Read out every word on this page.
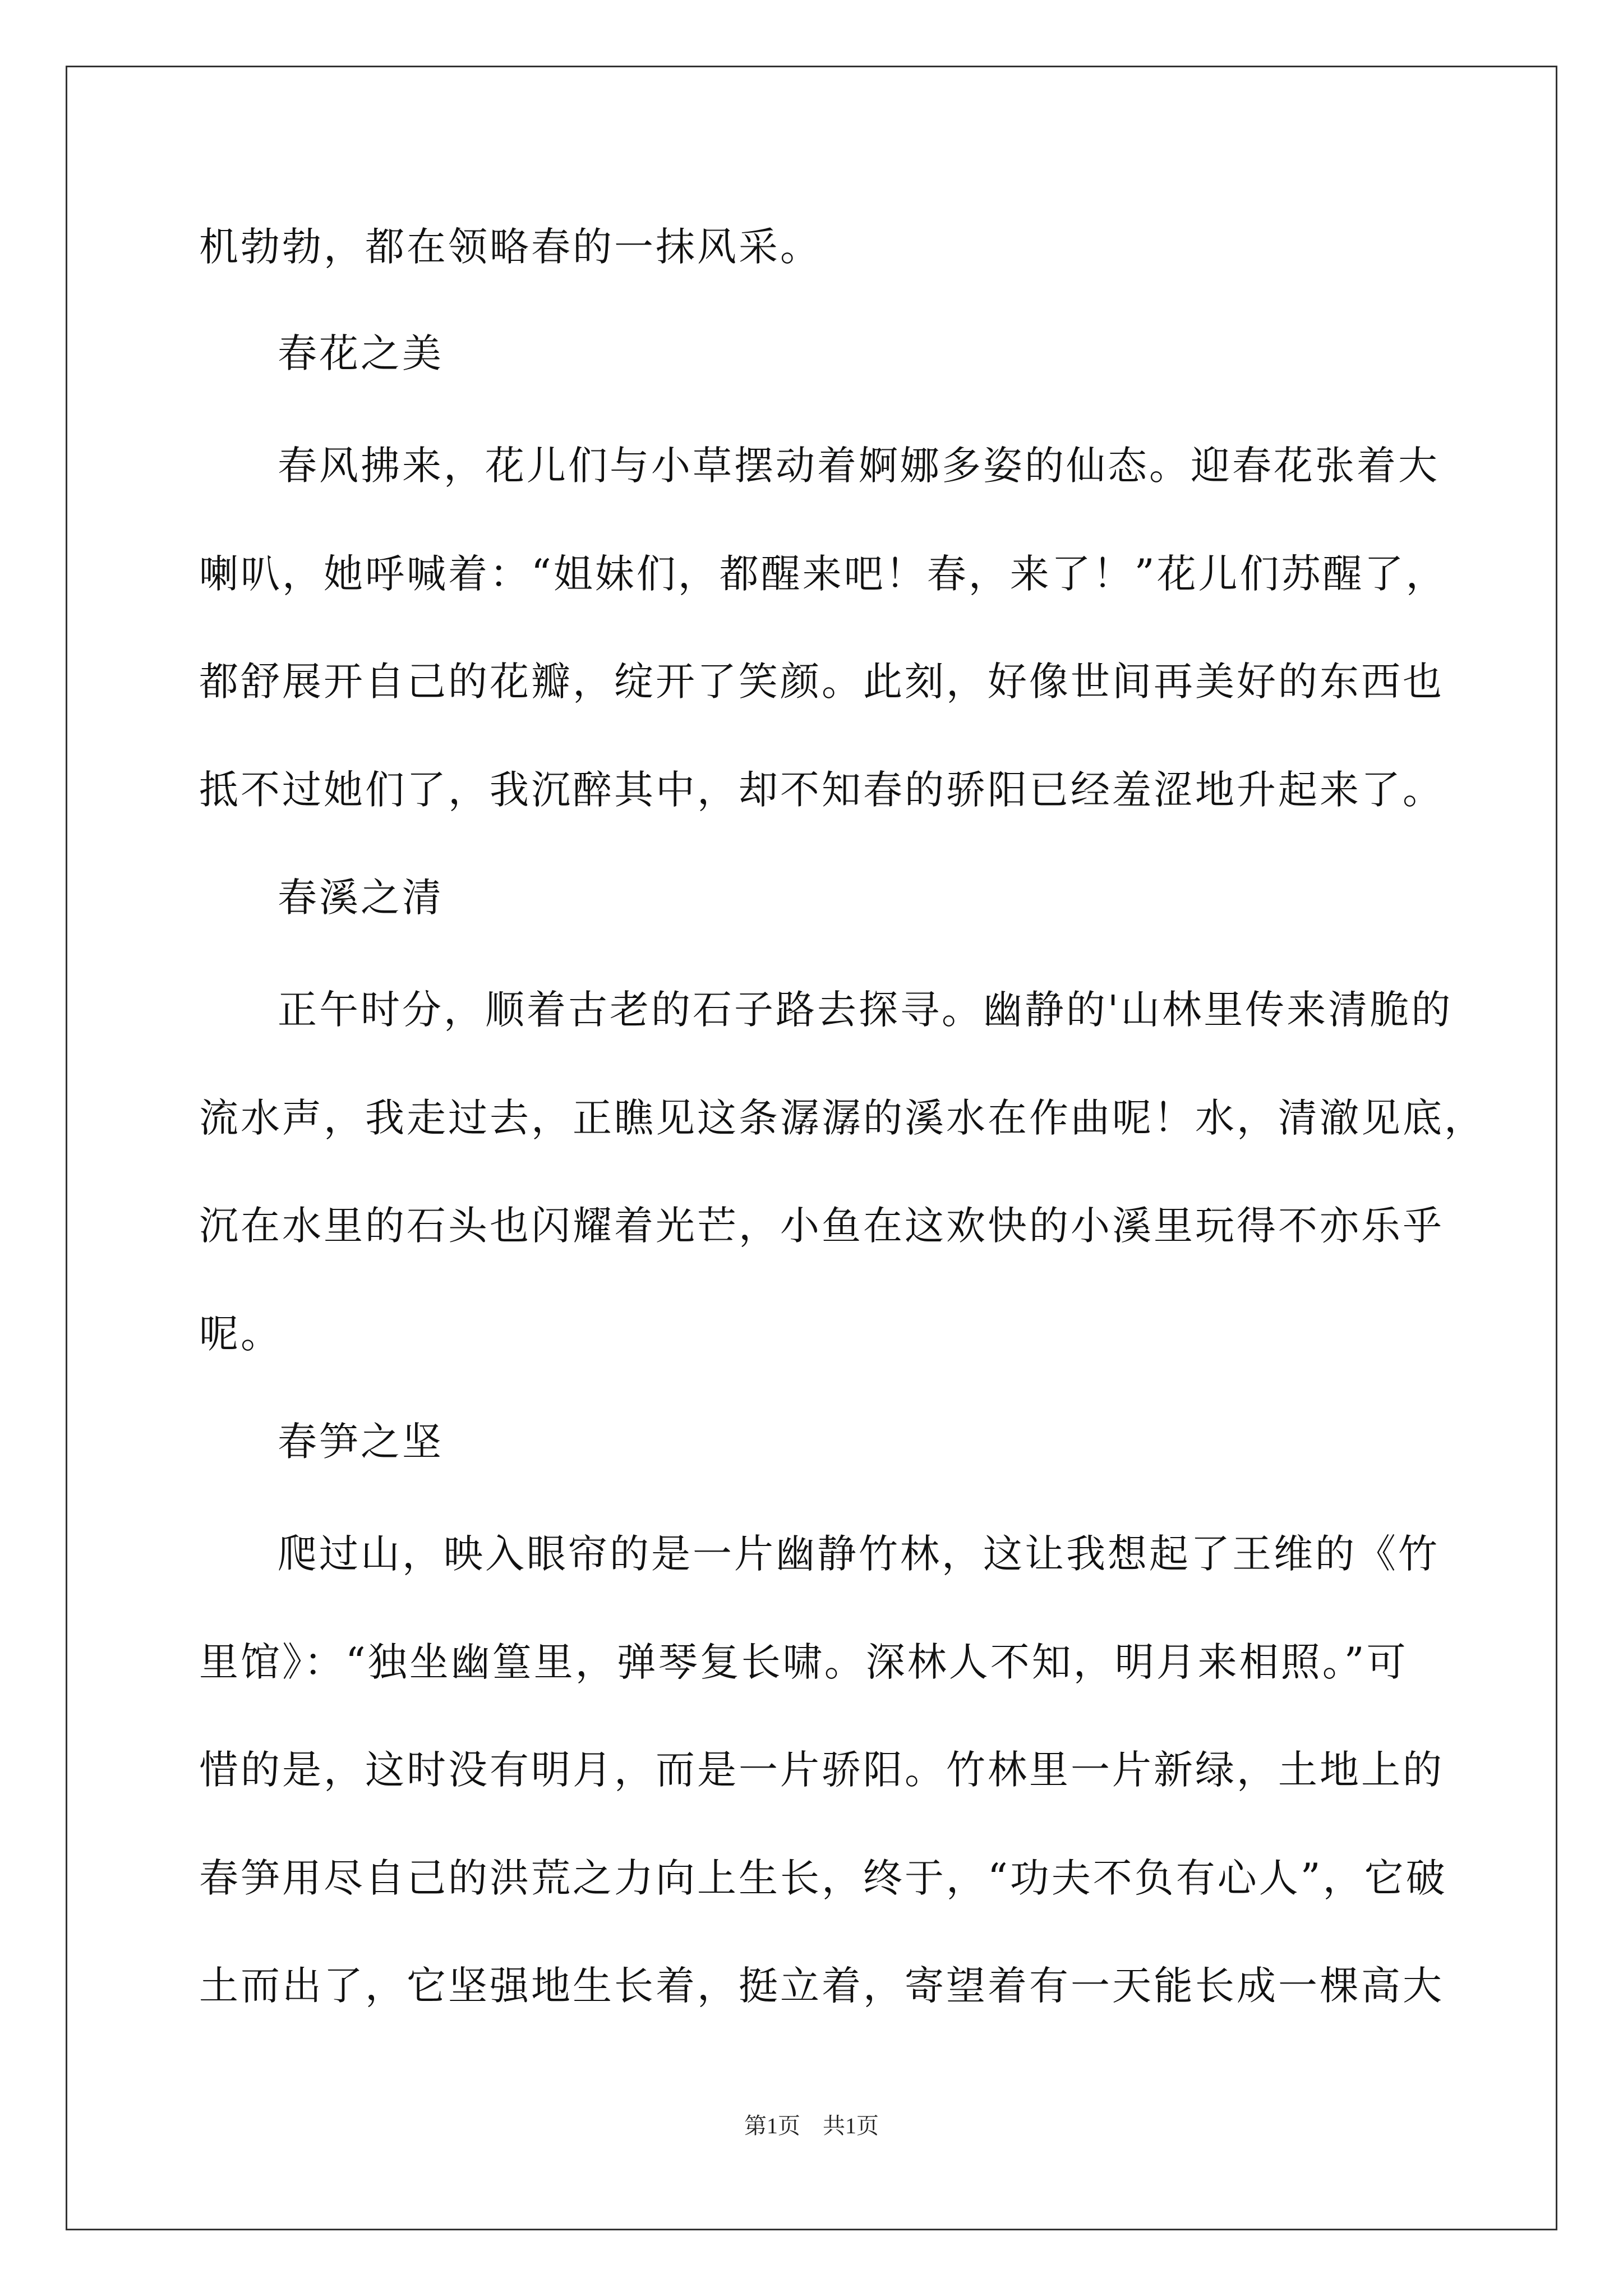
机勃勃，都在领略春的一抹风采。
春花之美
春风拂来，花儿们与小草摆动着婀娜多姿的仙态。迎春花张着大
喇叭，她呼喊着：“姐妹们，都醒来吧！春，来了！”花儿们苏醒了，
都舒展开自己的花瓣，绽开了笑颜。此刻，好像世间再美好的东西也
抵不过她们了，我沉醉其中，却不知春的骄阳已经羞涩地升起来了。
春溪之清
正午时分，顺着古老的石子路去探寻。幽静的'山林里传来清脆的
流水声，我走过去，正瞧见这条潺潺的溪水在作曲呢！水，清澈见底，
沉在水里的石头也闪耀着光芒，小鱼在这欢快的小溪里玩得不亦乐乎
呢。
春笋之坚
爬过山，映入眼帘的是一片幽静竹林，这让我想起了王维的《竹
里馆》：“独坐幽篁里，弹琴复长啸。深林人不知，明月来相照。”可
惜的是，这时没有明月，而是一片骄阳。竹林里一片新绿，土地上的
春笋用尽自己的洪荒之力向上生长，终于，“功夫不负有心人”，它破
土而出了，它坚强地生长着，挺立着，寄望着有一天能长成一棵高大
第1页　共1页
